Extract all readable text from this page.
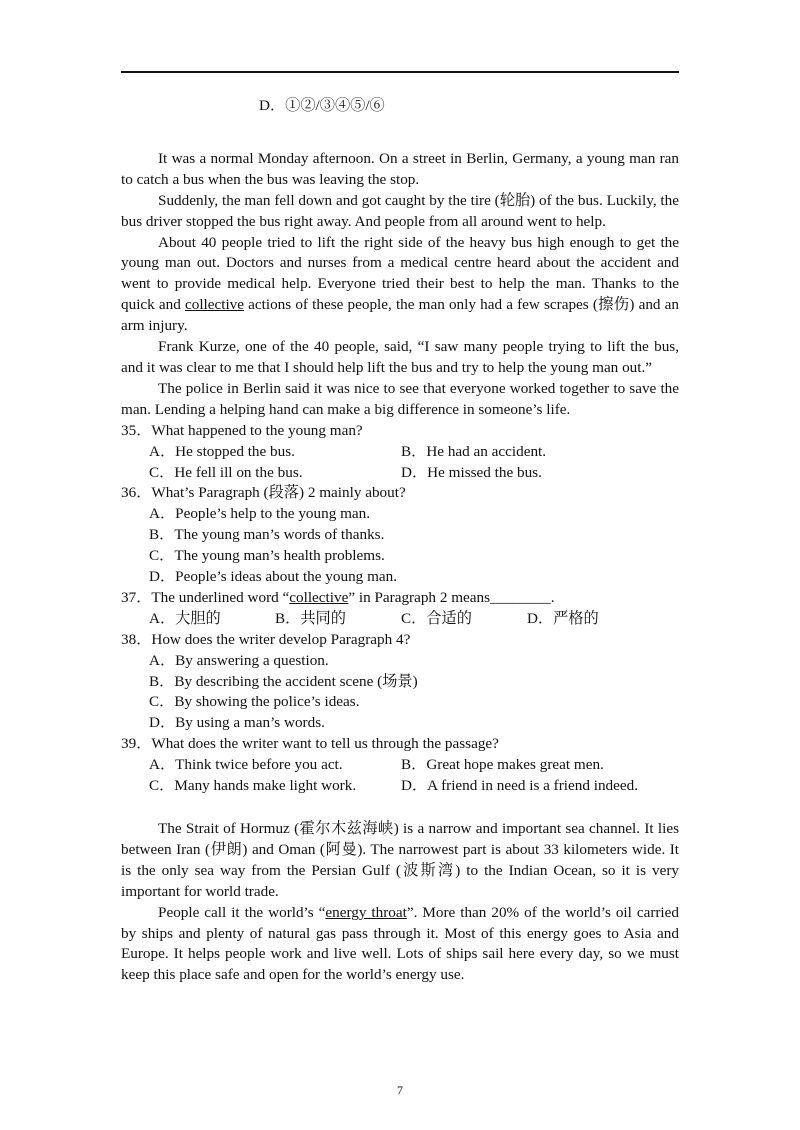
D．①②/③④⑤/⑥

It was a normal Monday afternoon. On a street in Berlin, Germany, a young man ran to catch a bus when the bus was leaving the stop.

Suddenly, the man fell down and got caught by the tire (轮胎) of the bus. Luckily, the bus driver stopped the bus right away. And people from all around went to help.

About 40 people tried to lift the right side of the heavy bus high enough to get the young man out. Doctors and nurses from a medical centre heard about the accident and went to provide medical help. Everyone tried their best to help the man. Thanks to the quick and collective actions of these people, the man only had a few scrapes (擦伤) and an arm injury.

Frank Kurze, one of the 40 people, said, “I saw many people trying to lift the bus, and it was clear to me that I should help lift the bus and try to help the young man out.”

The police in Berlin said it was nice to see that everyone worked together to save the man. Lending a helping hand can make a big difference in someone’s life.

35．What happened to the young man?

A．He stopped the bus.	B．He had an accident.
C．He fell ill on the bus.	D．He missed the bus.

36．What’s Paragraph (段落) 2 mainly about?

A．People’s help to the young man.

B．The young man’s words of thanks.

C．The young man’s health problems.

D．People’s ideas about the young man.

37．The underlined word “collective” in Paragraph 2 means________.

A．大胆的	B．共同的	C．合适的	D．严格的

38．How does the writer develop Paragraph 4?

A．By answering a question.

B．By describing the accident scene (场景)

C．By showing the police’s ideas.

D．By using a man’s words.

39．What does the writer want to tell us through the passage?

A．Think twice before you act.	B．Great hope makes great men.
C．Many hands make light work.	D．A friend in need is a friend indeed.

The Strait of Hormuz (霍尔木兹海峡) is a narrow and important sea channel. It lies between Iran (伊朗) and Oman (阿曼). The narrowest part is about 33 kilometers wide. It is the only sea way from the Persian Gulf (波斯湾) to the Indian Ocean, so it is very important for world trade.

People call it the world’s “energy throat”. More than 20% of the world’s oil carried by ships and plenty of natural gas pass through it. Most of this energy goes to Asia and Europe. It helps people work and live well. Lots of ships sail here every day, so we must keep this place safe and open for the world’s energy use.

7
